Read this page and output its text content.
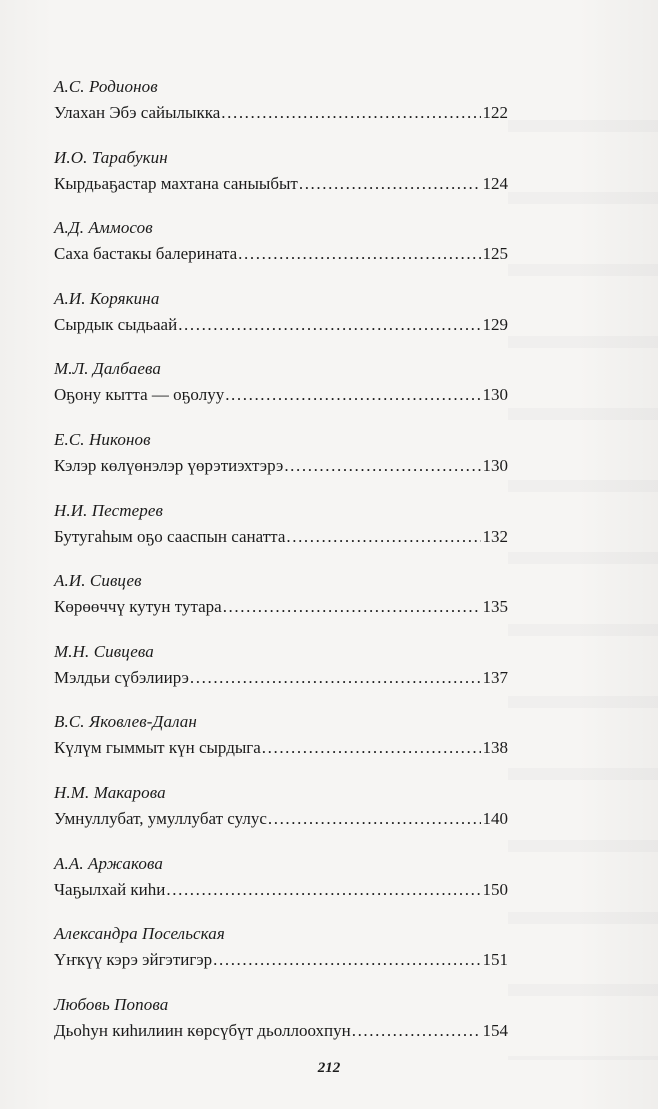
А.С. Родионов
Улахан Эбэ сайылыкка .....	122
И.О. Тарабукин
Кырдьаҕастар махтана саныыбыт .....	124
А.Д. Аммосов
Саха бастакы балерината .....	125
А.И. Корякина
Сырдык сыдьаай .....	129
М.Л. Далбаева
Оҕону кытта — оҕолуу .....	130
Е.С. Никонов
Кэлэр көлүөнэлэр үөрэтиэхтэрэ .....	130
Н.И. Пестерев
Бутугаһым оҕо сааспын санатта .....	132
А.И. Сивцев
Көрөөччү кутун тутара .....	135
М.Н. Сивцева
Мэлдьи сүбэлиирэ .....	137
В.С. Яковлев-Далан
Күлүм гыммыт күн сырдыга .....	138
Н.М. Макарова
Умнуллубат, умуллубат сулус .....	140
А.А. Аржакова
Чаҕылхай киһи .....	150
Александра Посельская
Үҥкүү кэрэ эйгэтигэр .....	151
Любовь Попова
Дьоһун киһилиин көрсүбүт дьоллоохпун .....	154
212
